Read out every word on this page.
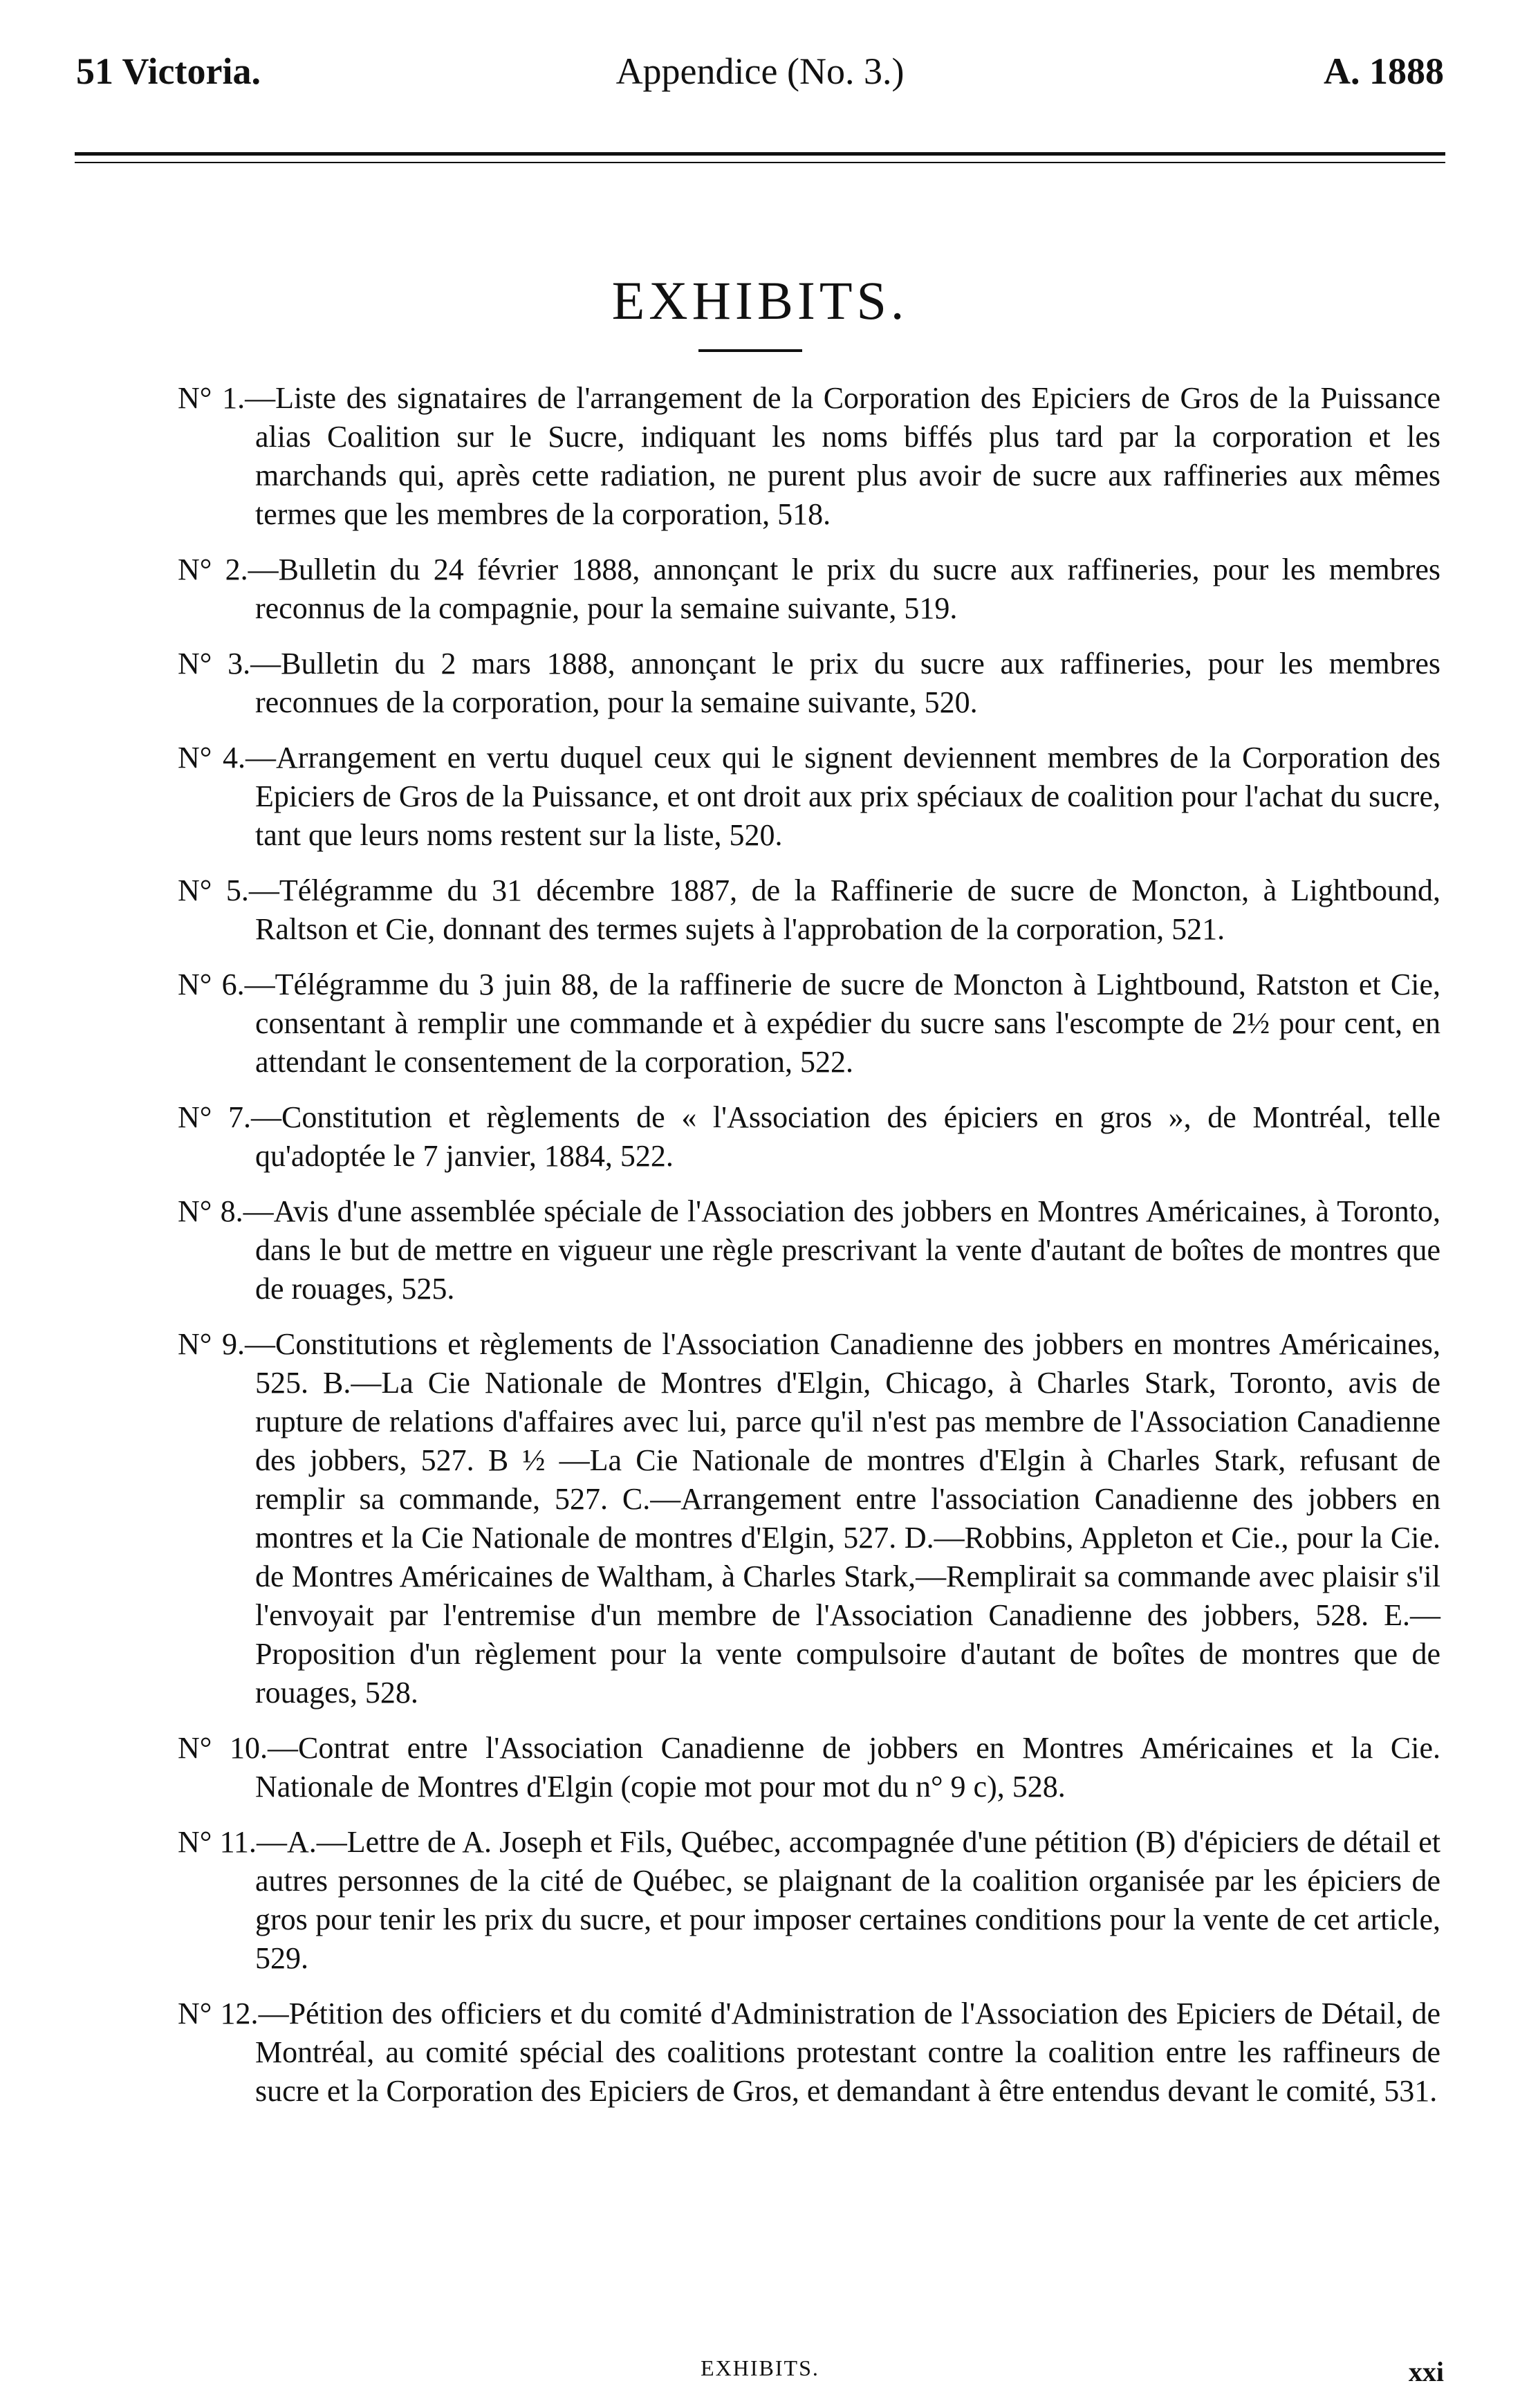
51 Victoria.	Appendice (No. 3.)	A. 1888
EXHIBITS.
N° 1.—Liste des signataires de l'arrangement de la Corporation des Epiciers de Gros de la Puissance alias Coalition sur le Sucre, indiquant les noms biffés plus tard par la corporation et les marchands qui, après cette radiation, ne purent plus avoir de sucre aux raffineries aux mêmes termes que les membres de la corporation, 518.
N° 2.—Bulletin du 24 février 1888, annonçant le prix du sucre aux raffineries, pour les membres reconnus de la compagnie, pour la semaine suivante, 519.
N° 3.—Bulletin du 2 mars 1888, annonçant le prix du sucre aux raffineries, pour les membres reconnues de la corporation, pour la semaine suivante, 520.
N° 4.—Arrangement en vertu duquel ceux qui le signent deviennent membres de la Corporation des Epiciers de Gros de la Puissance, et ont droit aux prix spéciaux de coalition pour l'achat du sucre, tant que leurs noms restent sur la liste, 520.
N° 5.—Télégramme du 31 décembre 1887, de la Raffinerie de sucre de Moncton, à Lightbound, Raltson et Cie, donnant des termes sujets à l'approbation de la corporation, 521.
N° 6.—Télégramme du 3 juin 88, de la raffinerie de sucre de Moncton à Lightbound, Ratston et Cie, consentant à remplir une commande et à expédier du sucre sans l'escompte de 2½ pour cent, en attendant le consentement de la corporation, 522.
N° 7.—Constitution et règlements de « l'Association des épiciers en gros », de Montréal, telle qu'adoptée le 7 janvier, 1884, 522.
N° 8.—Avis d'une assemblée spéciale de l'Association des jobbers en Montres Américaines, à Toronto, dans le but de mettre en vigueur une règle prescrivant la vente d'autant de boîtes de montres que de rouages, 525.
N° 9.—Constitutions et règlements de l'Association Canadienne des jobbers en montres Américaines, 525. B.—La Cie Nationale de Montres d'Elgin, Chicago, à Charles Stark, Toronto, avis de rupture de relations d'affaires avec lui, parce qu'il n'est pas membre de l'Association Canadienne des jobbers, 527. B ½ —La Cie Nationale de montres d'Elgin à Charles Stark, refusant de remplir sa commande, 527. C.—Arrangement entre l'association Canadienne des jobbers en montres et la Cie Nationale de montres d'Elgin, 527. D.—Robbins, Appleton et Cie., pour la Cie. de Montres Américaines de Waltham, à Charles Stark,—Remplirait sa commande avec plaisir s'il l'envoyait par l'entremise d'un membre de l'Association Canadienne des jobbers, 528. E.—Proposition d'un règlement pour la vente compulsoire d'autant de boîtes de montres que de rouages, 528.
N° 10.—Contrat entre l'Association Canadienne de jobbers en Montres Américaines et la Cie. Nationale de Montres d'Elgin (copie mot pour mot du n° 9 c), 528.
N° 11.—A.—Lettre de A. Joseph et Fils, Québec, accompagnée d'une pétition (B) d'épiciers de détail et autres personnes de la cité de Québec, se plaignant de la coalition organisée par les épiciers de gros pour tenir les prix du sucre, et pour imposer certaines conditions pour la vente de cet article, 529.
N° 12.—Pétition des officiers et du comité d'Administration de l'Association des Epiciers de Détail, de Montréal, au comité spécial des coalitions protestant contre la coalition entre les raffineurs de sucre et la Corporation des Epiciers de Gros, et demandant à être entendus devant le comité, 531.
EXHIBITS.	xxi
